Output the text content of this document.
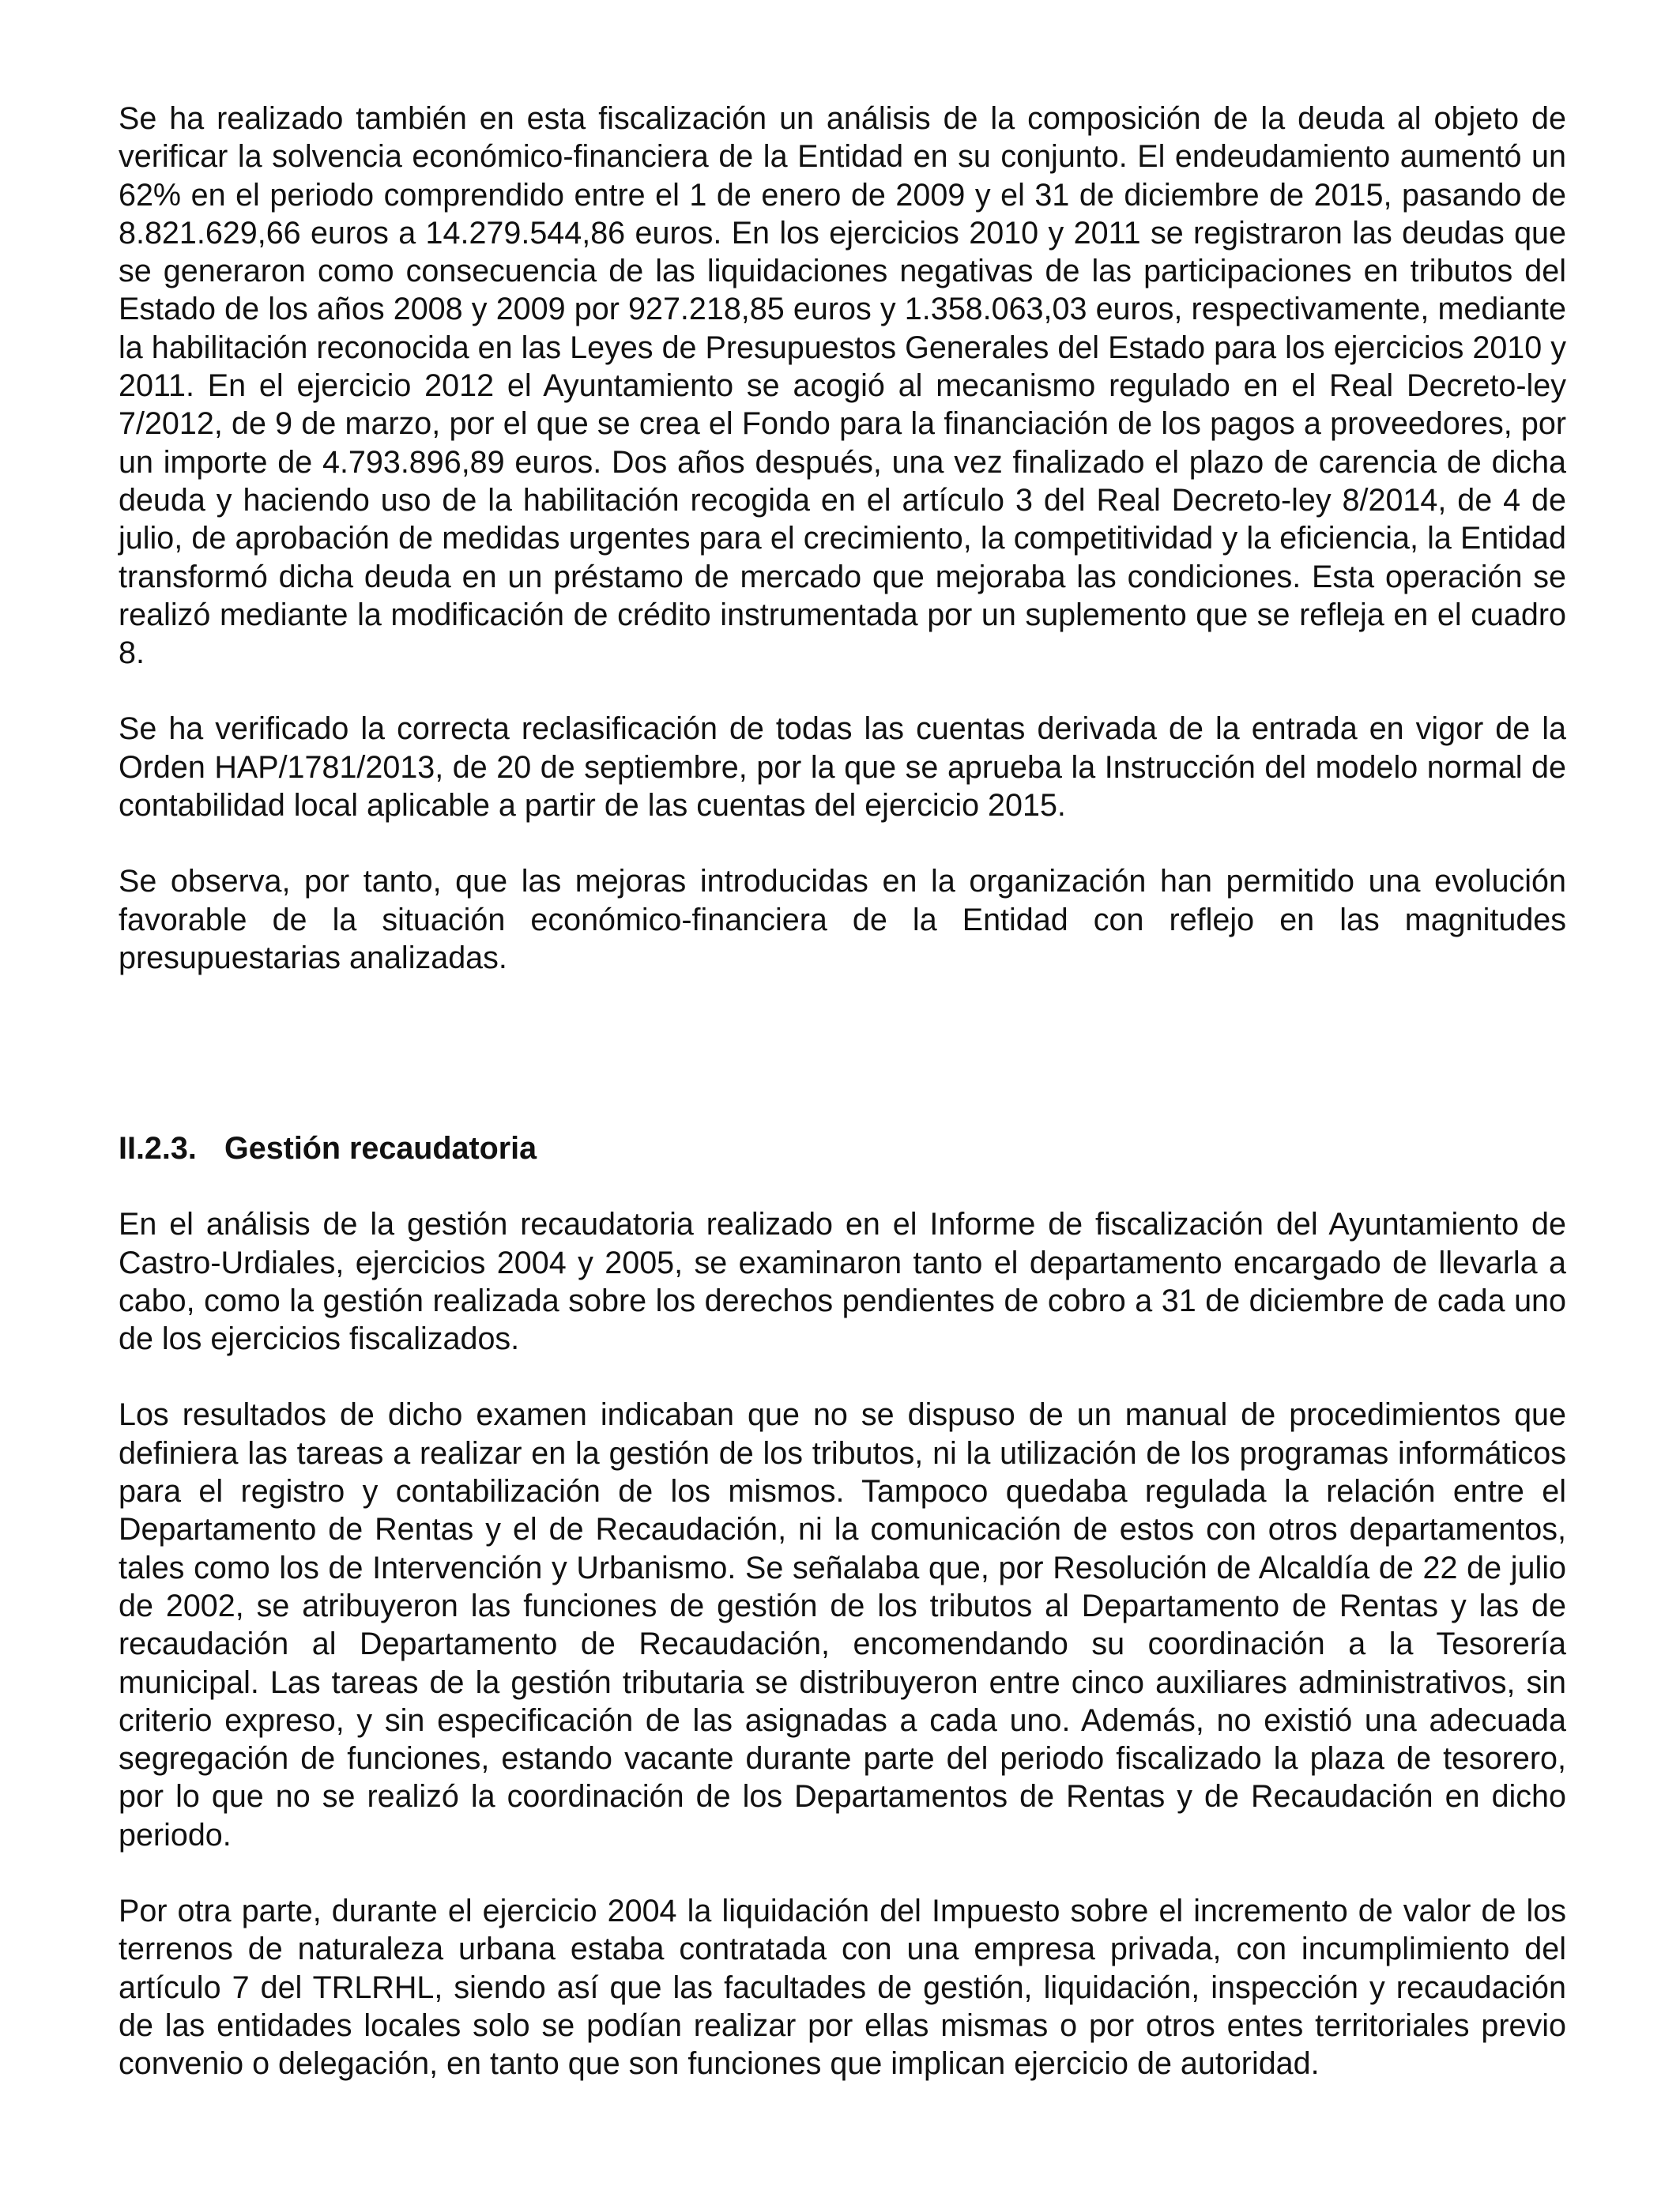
Se ha realizado también en esta fiscalización un análisis de la composición de la deuda al objeto de verificar la solvencia económico-financiera de la Entidad en su conjunto. El endeudamiento aumentó un 62% en el periodo comprendido entre el 1 de enero de 2009 y el 31 de diciembre de 2015, pasando de 8.821.629,66 euros a 14.279.544,86 euros. En los ejercicios 2010 y 2011 se registraron las deudas que se generaron como consecuencia de las liquidaciones negativas de las participaciones en tributos del Estado de los años 2008 y 2009 por 927.218,85 euros y 1.358.063,03 euros, respectivamente, mediante la habilitación reconocida en las Leyes de Presupuestos Generales del Estado para los ejercicios 2010 y 2011. En el ejercicio 2012 el Ayuntamiento se acogió al mecanismo regulado en el Real Decreto-ley 7/2012, de 9 de marzo, por el que se crea el Fondo para la financiación de los pagos a proveedores, por un importe de 4.793.896,89 euros. Dos años después, una vez finalizado el plazo de carencia de dicha deuda y haciendo uso de la habilitación recogida en el artículo 3 del Real Decreto-ley 8/2014, de 4 de julio, de aprobación de medidas urgentes para el crecimiento, la competitividad y la eficiencia, la Entidad transformó dicha deuda en un préstamo de mercado que mejoraba las condiciones. Esta operación se realizó mediante la modificación de crédito instrumentada por un suplemento que se refleja en el cuadro 8.

Se ha verificado la correcta reclasificación de todas las cuentas derivada de la entrada en vigor de la Orden HAP/1781/2013, de 20 de septiembre, por la que se aprueba la Instrucción del modelo normal de contabilidad local aplicable a partir de las cuentas del ejercicio 2015.

Se observa, por tanto, que las mejoras introducidas en la organización han permitido una evolución favorable de la situación económico-financiera de la Entidad con reflejo en las magnitudes presupuestarias analizadas.

II.2.3. Gestión recaudatoria

En el análisis de la gestión recaudatoria realizado en el Informe de fiscalización del Ayuntamiento de Castro-Urdiales, ejercicios 2004 y 2005, se examinaron tanto el departamento encargado de llevarla a cabo, como la gestión realizada sobre los derechos pendientes de cobro a 31 de diciembre de cada uno de los ejercicios fiscalizados.

Los resultados de dicho examen indicaban que no se dispuso de un manual de procedimientos que definiera las tareas a realizar en la gestión de los tributos, ni la utilización de los programas informáticos para el registro y contabilización de los mismos. Tampoco quedaba regulada la relación entre el Departamento de Rentas y el de Recaudación, ni la comunicación de estos con otros departamentos, tales como los de Intervención y Urbanismo. Se señalaba que, por Resolución de Alcaldía de 22 de julio de 2002, se atribuyeron las funciones de gestión de los tributos al Departamento de Rentas y las de recaudación al Departamento de Recaudación, encomendando su coordinación a la Tesorería municipal. Las tareas de la gestión tributaria se distribuyeron entre cinco auxiliares administrativos, sin criterio expreso, y sin especificación de las asignadas a cada uno. Además, no existió una adecuada segregación de funciones, estando vacante durante parte del periodo fiscalizado la plaza de tesorero, por lo que no se realizó la coordinación de los Departamentos de Rentas y de Recaudación en dicho periodo.

Por otra parte, durante el ejercicio 2004 la liquidación del Impuesto sobre el incremento de valor de los terrenos de naturaleza urbana estaba contratada con una empresa privada, con incumplimiento del artículo 7 del TRLRHL, siendo así que las facultades de gestión, liquidación, inspección y recaudación de las entidades locales solo se podían realizar por ellas mismas o por otros entes territoriales previo convenio o delegación, en tanto que son funciones que implican ejercicio de autoridad.
